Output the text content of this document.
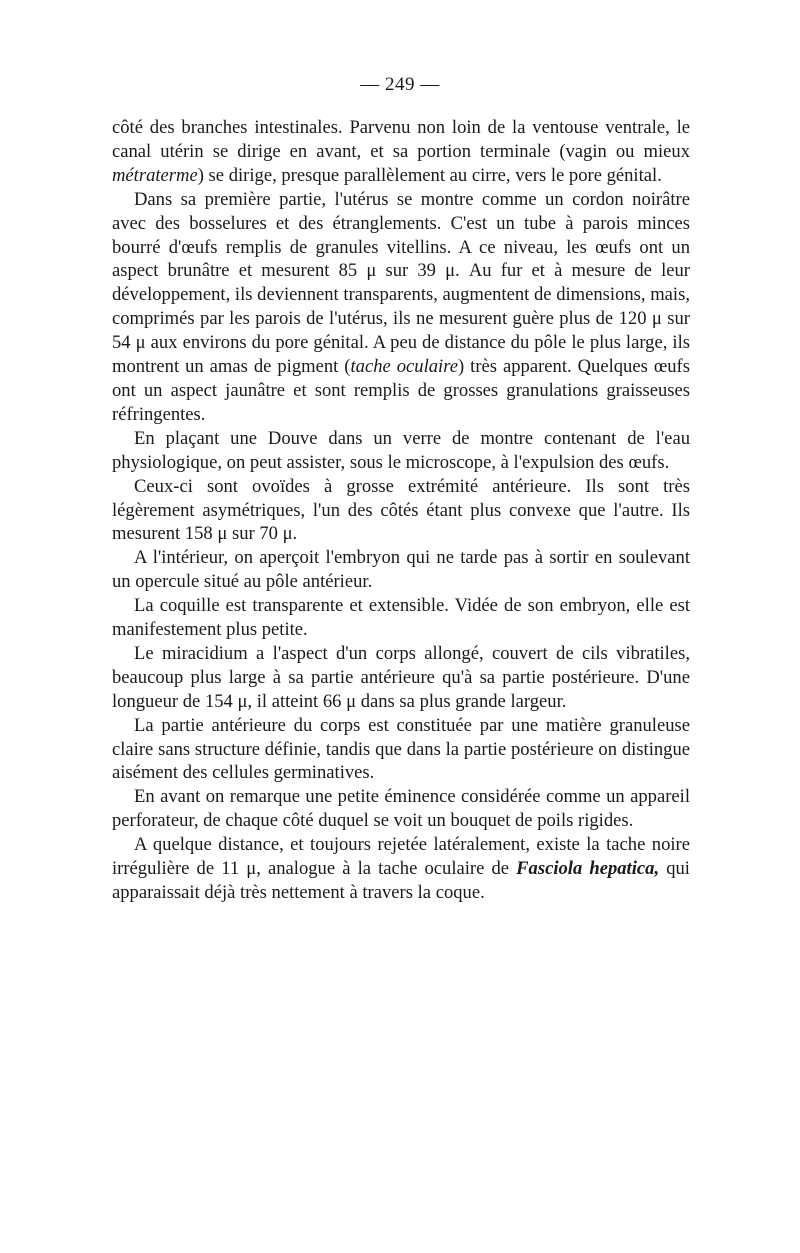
— 249 —

côté des branches intestinales. Parvenu non loin de la ventouse ventrale, le canal utérin se dirige en avant, et sa portion terminale (vagin ou mieux métraterme) se dirige, presque parallèlement au cirre, vers le pore génital.

Dans sa première partie, l'utérus se montre comme un cordon noirâtre avec des bosselures et des étranglements. C'est un tube à parois minces bourré d'œufs remplis de granules vitellins. A ce niveau, les œufs ont un aspect brunâtre et mesurent 85 μ sur 39 μ. Au fur et à mesure de leur développement, ils deviennent transparents, augmentent de dimensions, mais, comprimés par les parois de l'utérus, ils ne mesurent guère plus de 120 μ sur 54 μ aux environs du pore génital. A peu de distance du pôle le plus large, ils montrent un amas de pigment (tache oculaire) très apparent. Quelques œufs ont un aspect jaunâtre et sont remplis de grosses granulations graisseuses réfringentes.

En plaçant une Douve dans un verre de montre contenant de l'eau physiologique, on peut assister, sous le microscope, à l'expulsion des œufs.

Ceux-ci sont ovoïdes à grosse extrémité antérieure. Ils sont très légèrement asymétriques, l'un des côtés étant plus convexe que l'autre. Ils mesurent 158 μ sur 70 μ.

A l'intérieur, on aperçoit l'embryon qui ne tarde pas à sortir en soulevant un opercule situé au pôle antérieur.

La coquille est transparente et extensible. Vidée de son embryon, elle est manifestement plus petite.

Le miracidium a l'aspect d'un corps allongé, couvert de cils vibratiles, beaucoup plus large à sa partie antérieure qu'à sa partie postérieure. D'une longueur de 154 μ, il atteint 66 μ dans sa plus grande largeur.

La partie antérieure du corps est constituée par une matière granuleuse claire sans structure définie, tandis que dans la partie postérieure on distingue aisément des cellules germinatives.

En avant on remarque une petite éminence considérée comme un appareil perforateur, de chaque côté duquel se voit un bouquet de poils rigides.

A quelque distance, et toujours rejetée latéralement, existe la tache noire irrégulière de 11 μ, analogue à la tache oculaire de Fasciola hepatica, qui apparaissait déjà très nettement à travers la coque.
